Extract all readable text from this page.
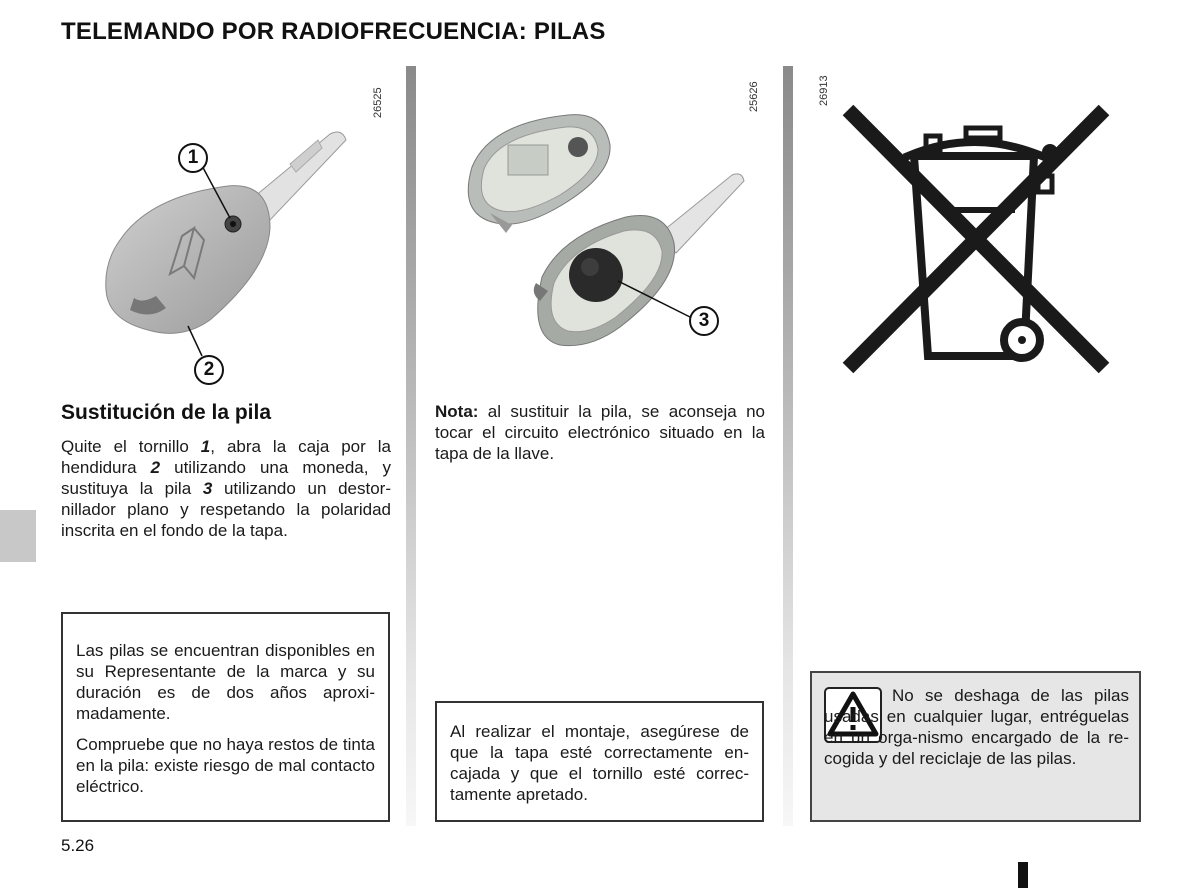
TELEMANDO POR RADIOFRECUENCIA: PILAS
1
2
26525
3
25626	26913
Sustitución de la pila

Quite el tornillo 1, abra la caja por la hendidura 2 utilizando una moneda, y sustituya la pila 3 utilizando un destor-nillador plano y respetando la polaridad inscrita en el fondo de la tapa.

Las pilas se encuentran disponibles en su Representante de la marca y su duración es de dos años aproxi-madamente.

Compruebe que no haya restos de tinta en la pila: existe riesgo de mal contacto eléctrico.

Nota: al sustituir la pila, se aconseja no tocar el circuito electrónico situado en la tapa de la llave.

Al realizar el montaje, asegúrese de que la tapa esté correctamente en-cajada y que el tornillo esté correc-tamente apretado.

No se deshaga de las pilas usadas en cualquier lugar, entréguelas en un orga-nismo encargado de la re-cogida y del reciclaje de las pilas.

5.26
